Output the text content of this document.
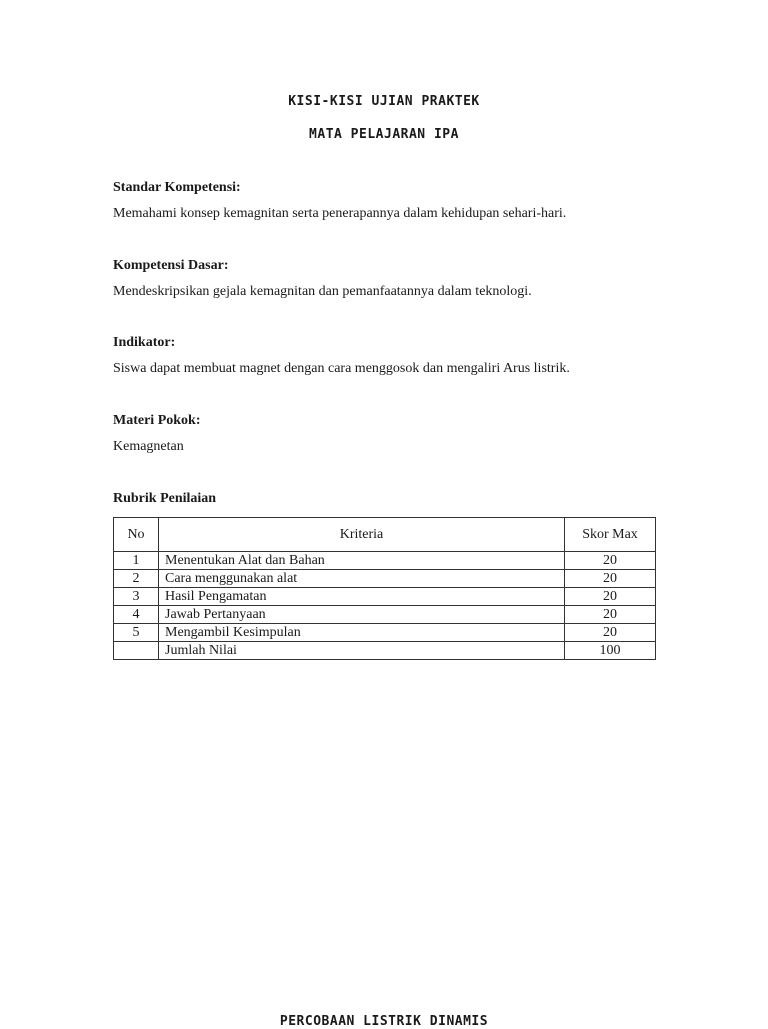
KISI-KISI UJIAN PRAKTEK
MATA PELAJARAN IPA
Standar Kompetensi:
Memahami konsep kemagnitan serta penerapannya dalam kehidupan sehari-hari.
Kompetensi Dasar:
Mendeskripsikan gejala kemagnitan dan pemanfaatannya dalam teknologi.
Indikator:
Siswa dapat membuat magnet dengan cara menggosok dan mengaliri Arus listrik.
Materi Pokok:
Kemagnetan
Rubrik Penilaian
No	Kriteria	Skor Max
1	Menentukan Alat dan Bahan	20
2	Cara menggunakan alat	20
3	Hasil Pengamatan	20
4	Jawab Pertanyaan	20
5	Mengambil Kesimpulan	20
	Jumlah Nilai	100
PERCOBAAN LISTRIK DINAMIS
